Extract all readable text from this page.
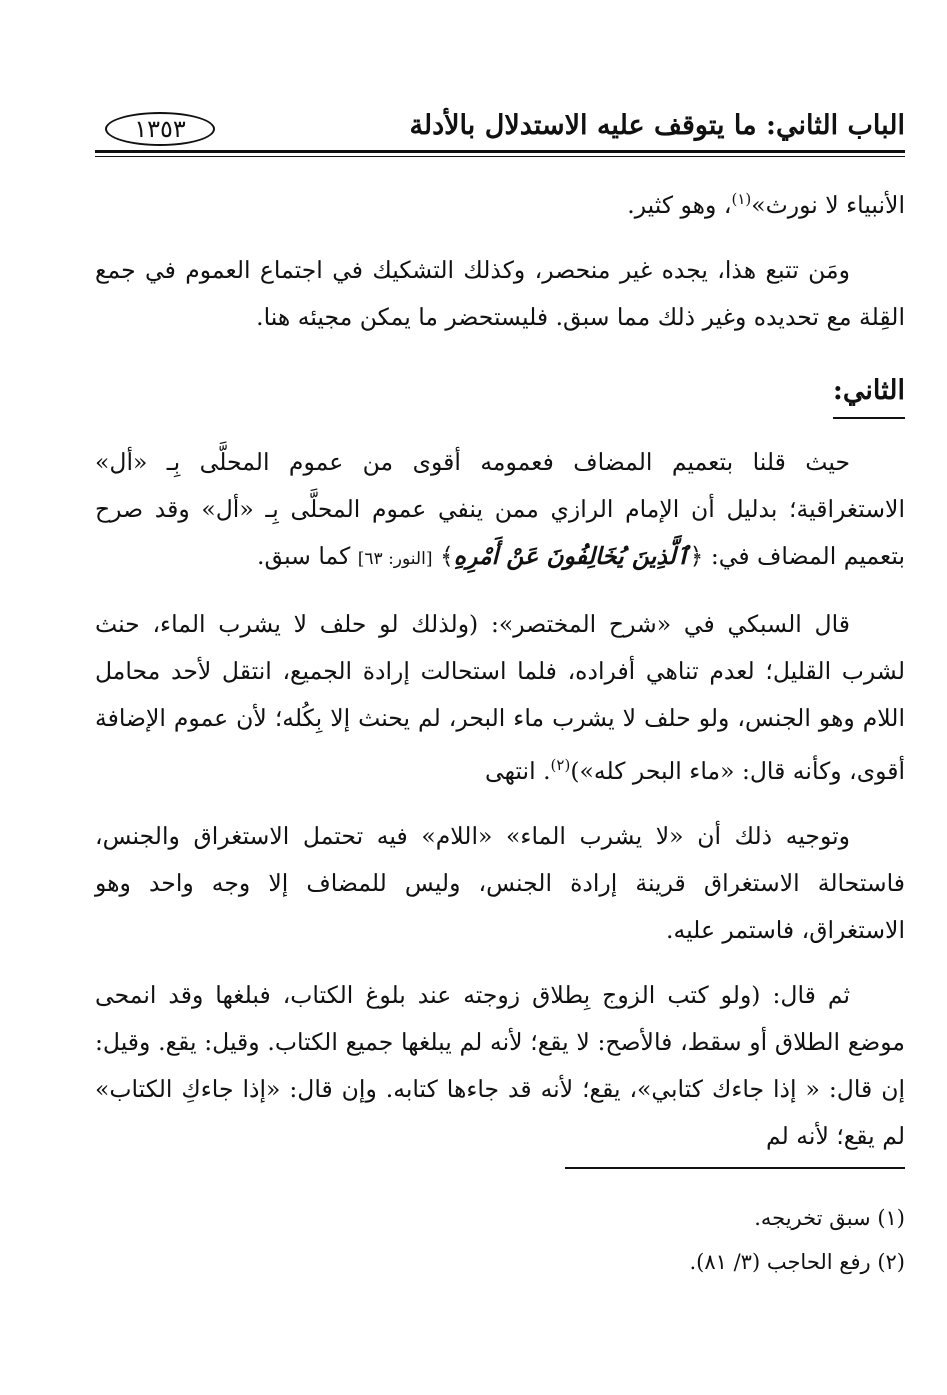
الباب الثاني: ما يتوقف عليه الاستدلال بالأدلة
١٣٥٣

الأنبياء لا نورث»$^{(١)}$، وهو كثير.

ومَن تتبع هذا، يجده غير منحصر، وكذلك التشكيك في اجتماع العموم في جمع القِلة مع تحديده وغير ذلك مما سبق. فليستحضر ما يمكن مجيئه هنا.

الثاني:

حيث قلنا بتعميم المضاف فعمومه أقوى من عموم المحلَّى بِـ «أل» الاستغراقية؛ بدليل أن الإمام الرازي ممن ينفي عموم المحلَّى بِـ «أل» وقد صرح بتعميم المضاف في: ﴿ٱلَّذِينَ يُخَالِفُونَ عَنْ أَمْرِهِ﴾ [النور: ٦٣] كما سبق.

قال السبكي في «شرح المختصر»: (ولذلك لو حلف لا يشرب الماء، حنث لشرب القليل؛ لعدم تناهي أفراده، فلما استحالت إرادة الجميع، انتقل لأحد محامل اللام وهو الجنس، ولو حلف لا يشرب ماء البحر، لم يحنث إلا بِكُله؛ لأن عموم الإضافة أقوى، وكأنه قال: «ماء البحر كله»)$^{(٢)}$. انتهى

وتوجيه ذلك أن «لا يشرب الماء» «اللام» فيه تحتمل الاستغراق والجنس، فاستحالة الاستغراق قرينة إرادة الجنس، وليس للمضاف إلا وجه واحد وهو الاستغراق، فاستمر عليه.

ثم قال: (ولو كتب الزوج بِطلاق زوجته عند بلوغ الكتاب، فبلغها وقد انمحى موضع الطلاق أو سقط، فالأصح: لا يقع؛ لأنه لم يبلغها جميع الكتاب. وقيل: يقع. وقيل: إن قال: « إذا جاءك كتابي»، يقع؛ لأنه قد جاءها كتابه. وإن قال: «إذا جاءكِ الكتاب» لم يقع؛ لأنه لم

(١) سبق تخريجه.

(٢) رفع الحاجب (٣/ ٨١).
